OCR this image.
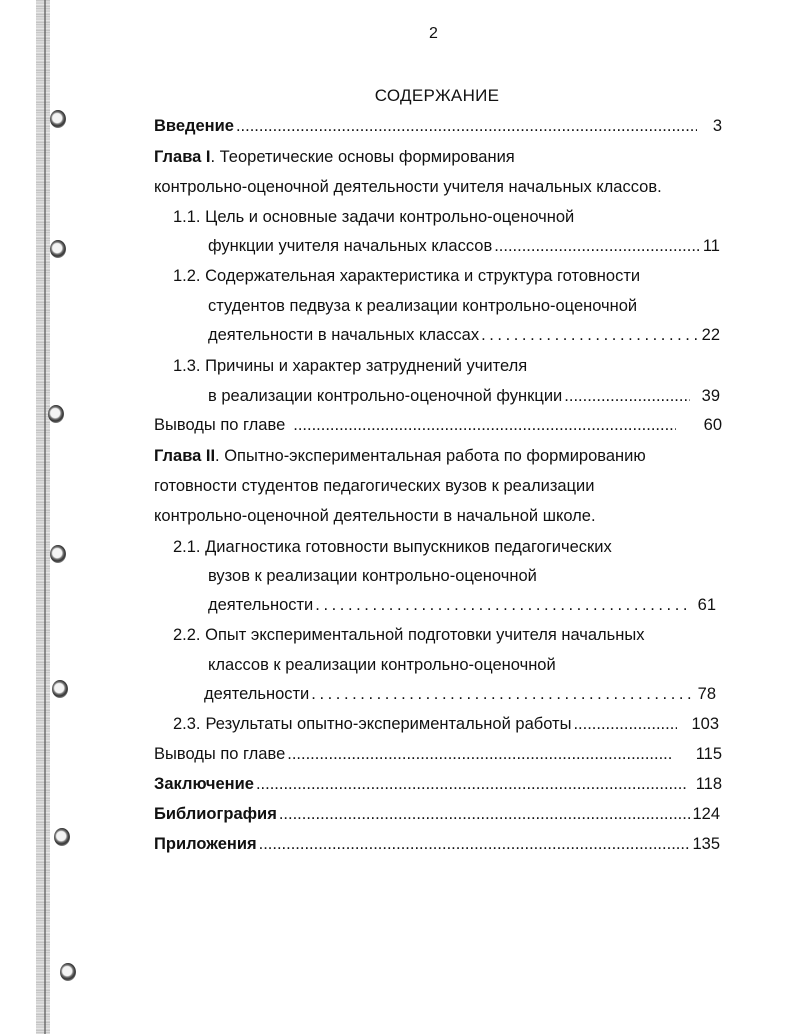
2
СОДЕРЖАНИЕ
Введение .....	3
Глава I. Теоретические основы формирования
контрольно-оценочной деятельности учителя начальных классов.
1.1. Цель и основные задачи контрольно-оценочной
функции учителя начальных классов .....	11
1.2. Содержательная характеристика и структура готовности
студентов педвуза к реализации контрольно-оценочной
деятельности в начальных классах . . .	22
1.3. Причины и характер затруднений учителя
в реализации контрольно-оценочной функции .....	39
Выводы по главе .....	60
Глава II. Опытно-экспериментальная работа по формированию
готовности студентов педагогических вузов к реализации
контрольно-оценочной деятельности в начальной школе.
2.1. Диагностика готовности выпускников педагогических
вузов к реализации контрольно-оценочной
деятельности . . .	61
2.2. Опыт экспериментальной подготовки учителя начальных
классов к реализации контрольно-оценочной
деятельности . . .	78
2.3. Результаты опытно-экспериментальной работы .....	103
Выводы по главе .....	115
Заключение .....	118
Библиография .....	124
Приложения .....	135
